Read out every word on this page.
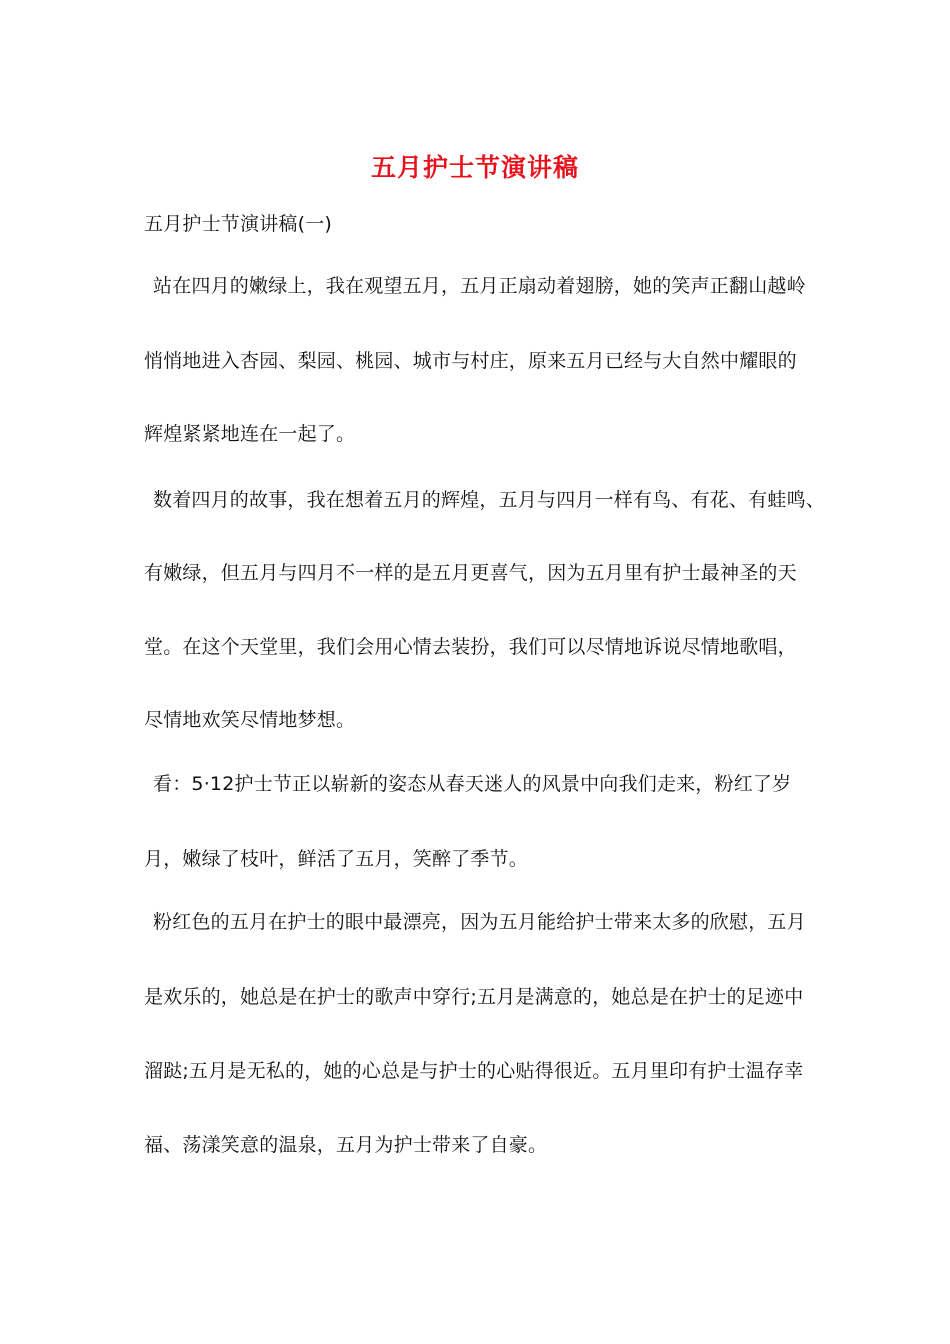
五月护士节演讲稿
五月护士节演讲稿(一)
站在四月的嫩绿上，我在观望五月，五月正扇动着翅膀，她的笑声正翻山越岭
悄悄地进入杏园、梨园、桃园、城市与村庄，原来五月已经与大自然中耀眼的
辉煌紧紧地连在一起了。
数着四月的故事，我在想着五月的辉煌，五月与四月一样有鸟、有花、有蛙鸣、
有嫩绿，但五月与四月不一样的是五月更喜气，因为五月里有护士最神圣的天
堂。在这个天堂里，我们会用心情去装扮，我们可以尽情地诉说尽情地歌唱，
尽情地欢笑尽情地梦想。
看：5·12护士节正以崭新的姿态从春天迷人的风景中向我们走来，粉红了岁
月，嫩绿了枝叶，鲜活了五月，笑醉了季节。
粉红色的五月在护士的眼中最漂亮，因为五月能给护士带来太多的欣慰，五月
是欢乐的，她总是在护士的歌声中穿行;五月是满意的，她总是在护士的足迹中
溜跶;五月是无私的，她的心总是与护士的心贴得很近。五月里印有护士温存幸
福、荡漾笑意的温泉，五月为护士带来了自豪。
